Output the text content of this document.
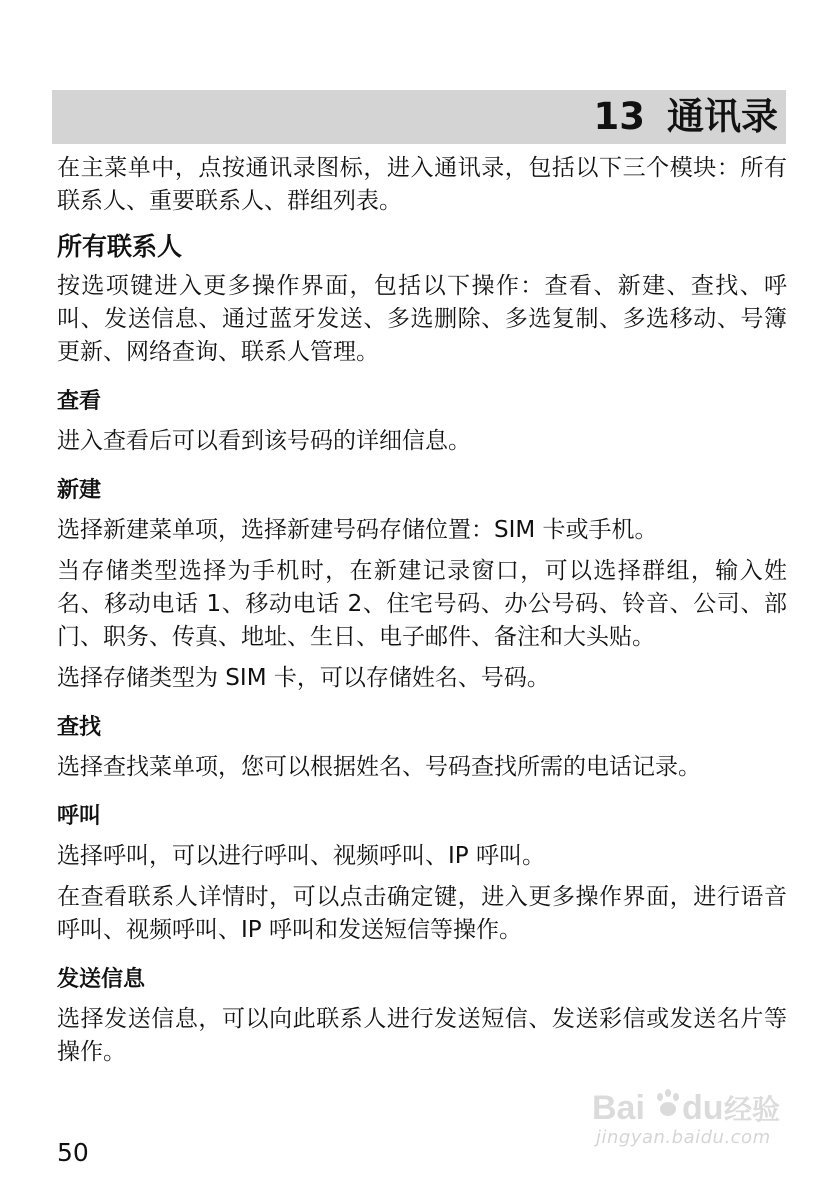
13 通讯录

在主菜单中，点按通讯录图标，进入通讯录，包括以下三个模块：所有联系人、重要联系人、群组列表。

所有联系人

按选项键进入更多操作界面，包括以下操作：查看、新建、查找、呼叫、发送信息、通过蓝牙发送、多选删除、多选复制、多选移动、号簿更新、网络查询、联系人管理。

查看

进入查看后可以看到该号码的详细信息。

新建

选择新建菜单项，选择新建号码存储位置：SIM 卡或手机。

当存储类型选择为手机时，在新建记录窗口，可以选择群组，输入姓名、移动电话 1、移动电话 2、住宅号码、办公号码、铃音、公司、部门、职务、传真、地址、生日、电子邮件、备注和大头贴。

选择存储类型为 SIM 卡，可以存储姓名、号码。

查找

选择查找菜单项，您可以根据姓名、号码查找所需的电话记录。

呼叫

选择呼叫，可以进行呼叫、视频呼叫、IP 呼叫。

在查看联系人详情时，可以点击确定键，进入更多操作界面，进行语音呼叫、视频呼叫、IP 呼叫和发送短信等操作。

发送信息

选择发送信息，可以向此联系人进行发送短信、发送彩信或发送名片等操作。

50
Bai du 经验
jingyan.baidu.com
